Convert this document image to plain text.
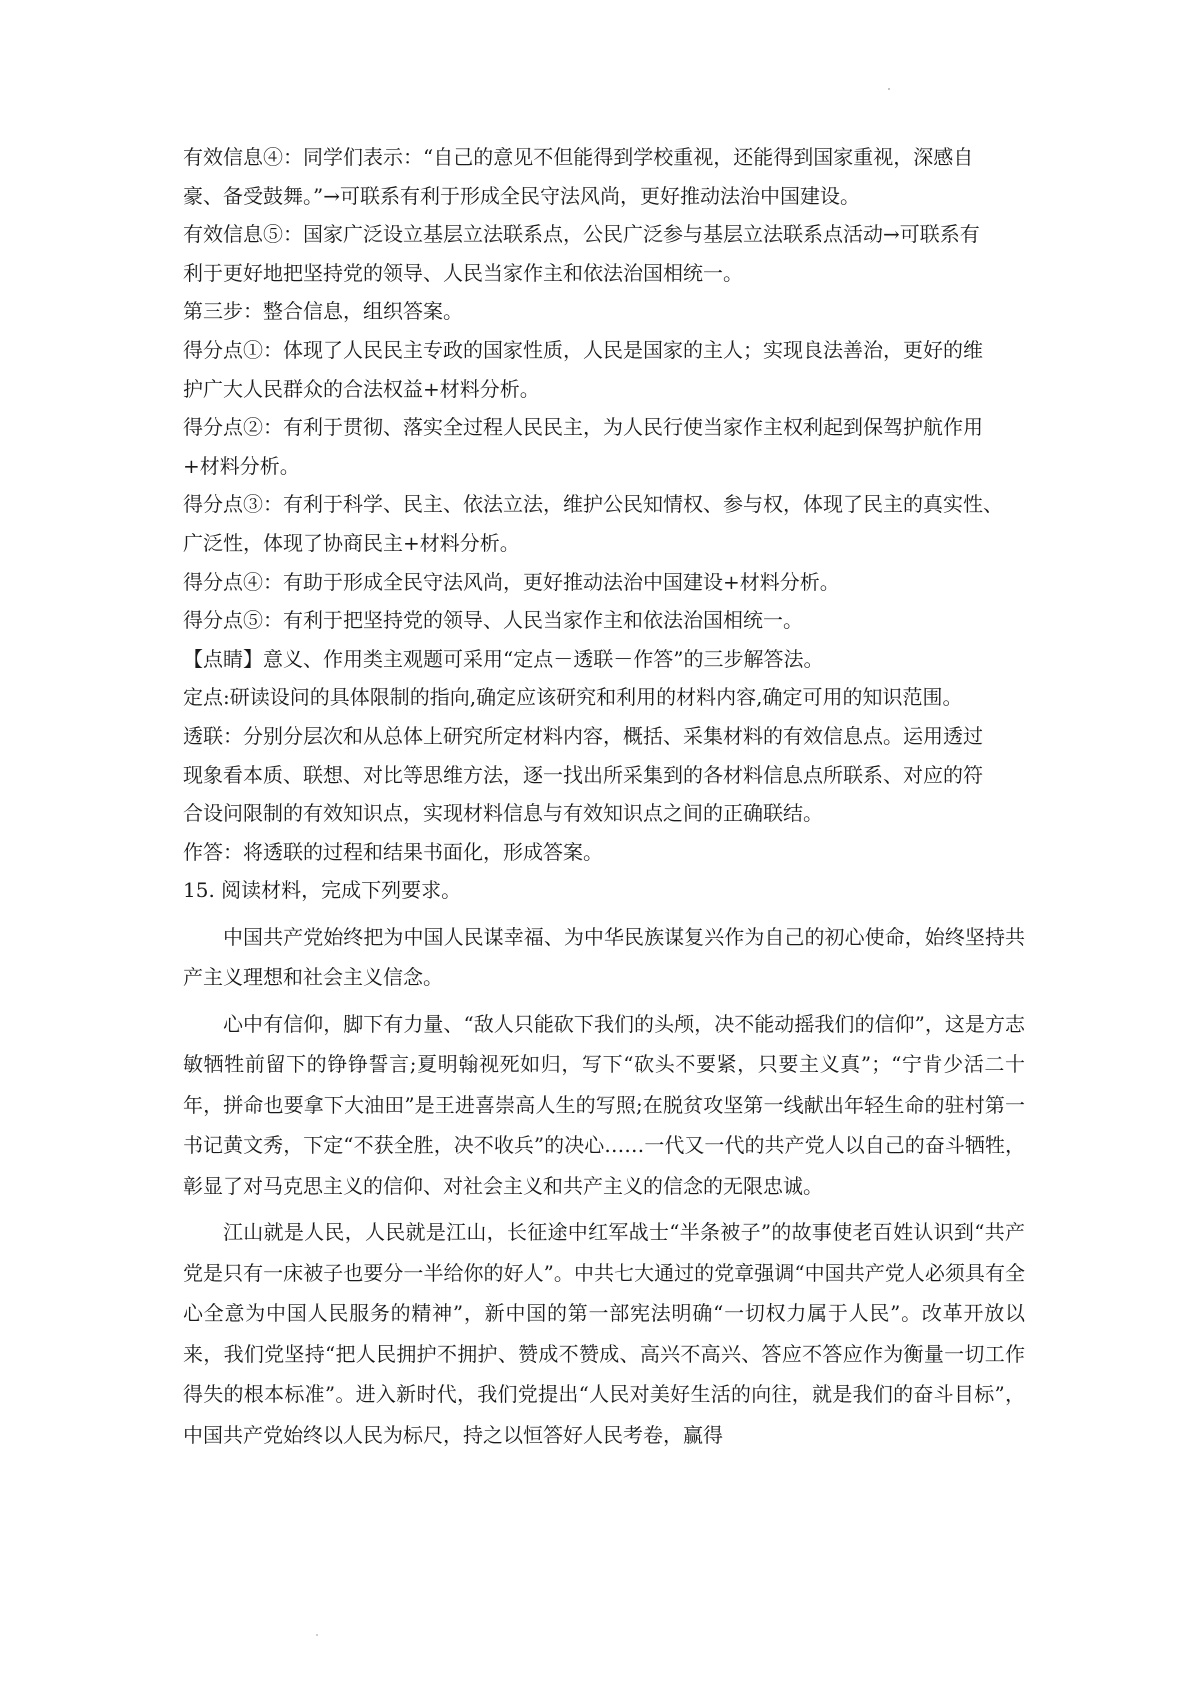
有效信息④：同学们表示：“自己的意见不但能得到学校重视，还能得到国家重视，深感自

豪、备受鼓舞。”→可联系有利于形成全民守法风尚，更好推动法治中国建设。

有效信息⑤：国家广泛设立基层立法联系点，公民广泛参与基层立法联系点活动→可联系有

利于更好地把坚持党的领导、人民当家作主和依法治国相统一。

第三步：整合信息，组织答案。

得分点①：体现了人民民主专政的国家性质，人民是国家的主人；实现良法善治，更好的维

护广大人民群众的合法权益+材料分析。

得分点②：有利于贯彻、落实全过程人民民主，为人民行使当家作主权利起到保驾护航作用

+材料分析。

得分点③：有利于科学、民主、依法立法，维护公民知情权、参与权，体现了民主的真实性、

广泛性，体现了协商民主+材料分析。

得分点④：有助于形成全民守法风尚，更好推动法治中国建设+材料分析。

得分点⑤：有利于把坚持党的领导、人民当家作主和依法治国相统一。

【点睛】意义、作用类主观题可采用“定点－透联－作答”的三步解答法。

定点:研读设问的具体限制的指向,确定应该研究和利用的材料内容,确定可用的知识范围。

透联：分别分层次和从总体上研究所定材料内容，概括、采集材料的有效信息点。运用透过

现象看本质、联想、对比等思维方法，逐一找出所采集到的各材料信息点所联系、对应的符

合设问限制的有效知识点，实现材料信息与有效知识点之间的正确联结。

作答：将透联的过程和结果书面化，形成答案。

15. 阅读材料，完成下列要求。

中国共产党始终把为中国人民谋幸福、为中华民族谋复兴作为自己的初心使命，始终坚持共产主义理想和社会主义信念。

心中有信仰，脚下有力量、“敌人只能砍下我们的头颅，决不能动摇我们的信仰”，这是方志敏牺牲前留下的铮铮誓言;夏明翰视死如归，写下“砍头不要紧，只要主义真”；“宁肯少活二十年，拼命也要拿下大油田”是王进喜崇高人生的写照;在脱贫攻坚第一线献出年轻生命的驻村第一书记黄文秀，下定“不获全胜，决不收兵”的决心……一代又一代的共产党人以自己的奋斗牺牲，彰显了对马克思主义的信仰、对社会主义和共产主义的信念的无限忠诚。

江山就是人民，人民就是江山，长征途中红军战士“半条被子”的故事使老百姓认识到“共产党是只有一床被子也要分一半给你的好人”。中共七大通过的党章强调“中国共产党人必须具有全心全意为中国人民服务的精神”，新中国的第一部宪法明确“一切权力属于人民”。改革开放以来，我们党坚持“把人民拥护不拥护、赞成不赞成、高兴不高兴、答应不答应作为衡量一切工作得失的根本标准”。进入新时代，我们党提出“人民对美好生活的向往，就是我们的奋斗目标”，中国共产党始终以人民为标尺，持之以恒答好人民考卷，赢得
